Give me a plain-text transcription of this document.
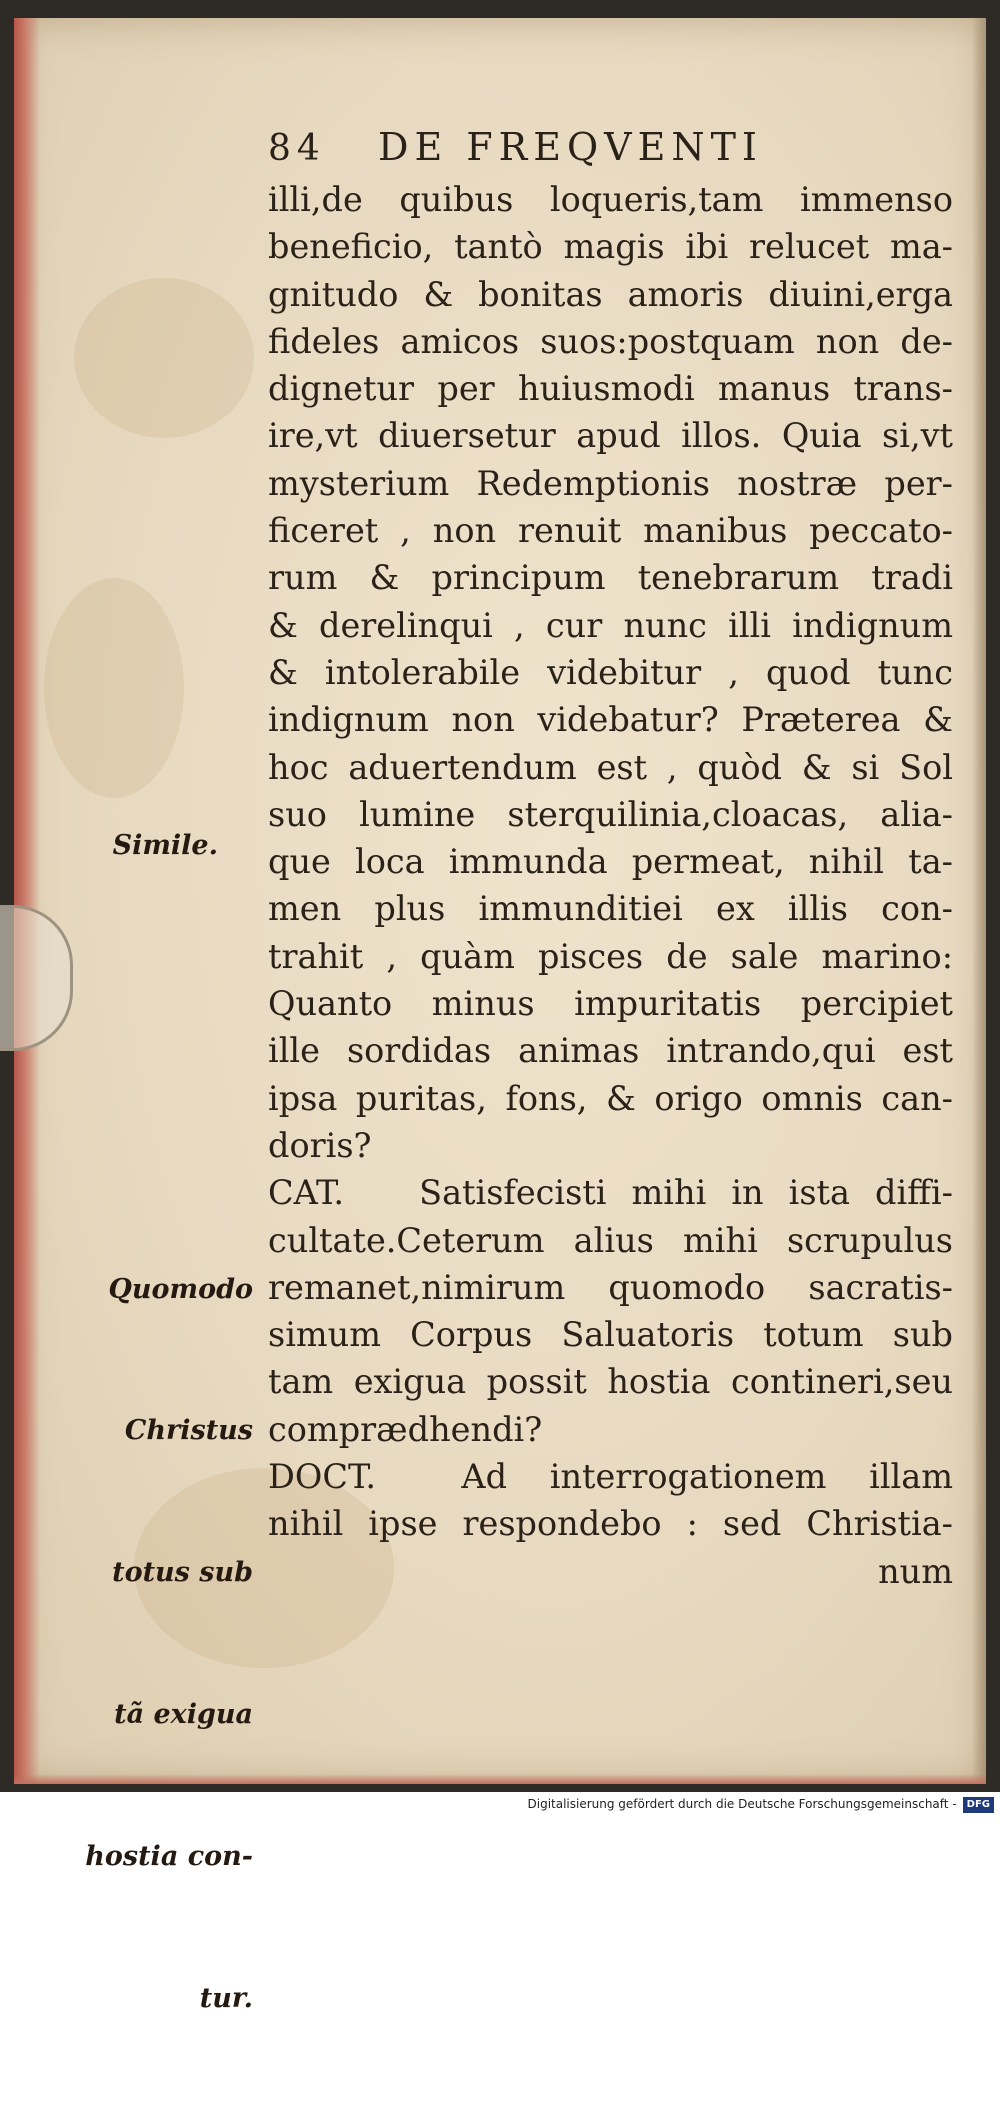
84 DE FREQVENTI
illi,de quibus loqueris,tam immenso
beneficio, tantò magis ibi relucet ma-
gnitudo & bonitas amoris diuini,erga
fideles amicos suos:postquam non de-
dignetur per huiusmodi manus trans-
ire,vt diuersetur apud illos. Quia si,vt
mysterium Redemptionis nostræ per-
ficeret , non renuit manibus peccato-
rum & principum tenebrarum tradi
& derelinqui , cur nunc illi indignum
& intolerabile videbitur , quod tunc
indignum non videbatur? Præterea &
hoc aduertendum est , quòd & si Sol
suo lumine sterquilinia,cloacas, alia-
que loca immunda permeat, nihil ta-
men plus immunditiei ex illis con-
trahit , quàm pisces de sale marino:
Quanto minus impuritatis percipiet
ille sordidas animas intrando,qui est
ipsa puritas, fons, & origo omnis can-
doris?
CAT.   Satisfecisti mihi in ista diffi-
cultate.Ceterum alius mihi scrupulus
remanet,nimirum quomodo sacratis-
simum Corpus Saluatoris totum sub
tam exigua possit hostia contineri,seu
comprædhendi?
DOCT.  Ad interrogationem illam
nihil ipse respondebo : sed Christia-
num
Simile.

Quomodo

Christus

totus sub

tã exigua

hostia con-

tur.

Digitalisierung gefördert durch die Deutsche Forschungsgemeinschaft - DFG
